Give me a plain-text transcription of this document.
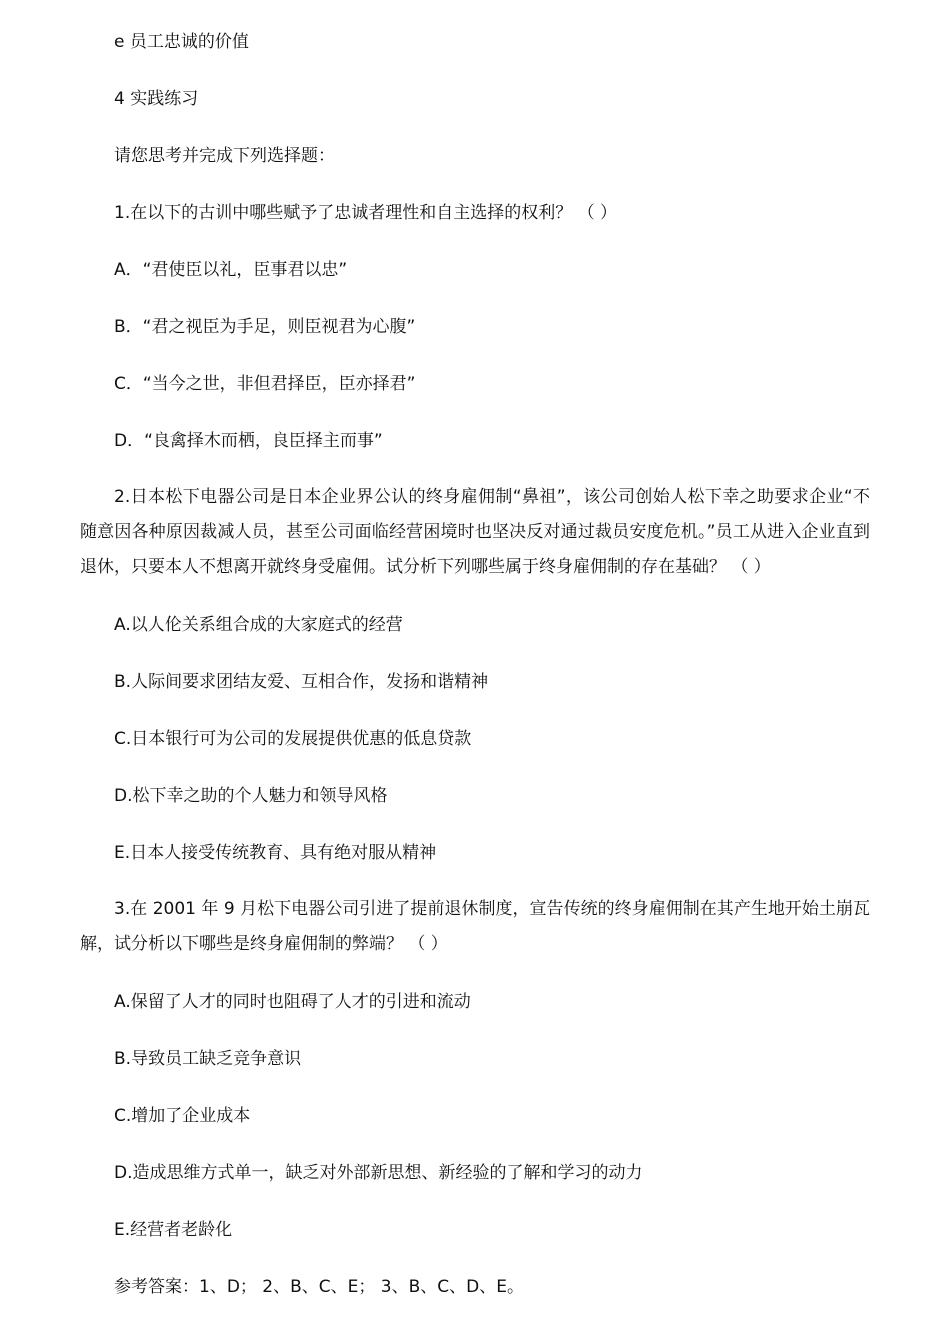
e 员工忠诚的价值
4 实践练习
请您思考并完成下列选择题：
1.在以下的古训中哪些赋予了忠诚者理性和自主选择的权利？ （ ）
A．“君使臣以礼，臣事君以忠”
B．“君之视臣为手足，则臣视君为心腹”
C．“当今之世，非但君择臣，臣亦择君”
D．“良禽择木而栖，良臣择主而事”
2.日本松下电器公司是日本企业界公认的终身雇佣制“鼻祖”，该公司创始人松下幸之助要求企业“不随意因各种原因裁减人员，甚至公司面临经营困境时也坚决反对通过裁员安度危机。”员工从进入企业直到退休，只要本人不想离开就终身受雇佣。试分析下列哪些属于终身雇佣制的存在基础？ （ ）
A.以人伦关系组合成的大家庭式的经营
B.人际间要求团结友爱、互相合作，发扬和谐精神
C.日本银行可为公司的发展提供优惠的低息贷款
D.松下幸之助的个人魅力和领导风格
E.日本人接受传统教育、具有绝对服从精神
3.在 2001 年 9 月松下电器公司引进了提前退休制度，宣告传统的终身雇佣制在其产生地开始土崩瓦解，试分析以下哪些是终身雇佣制的弊端？ （ ）
A.保留了人才的同时也阻碍了人才的引进和流动
B.导致员工缺乏竞争意识
C.增加了企业成本
D.造成思维方式单一，缺乏对外部新思想、新经验的了解和学习的动力
E.经营者老龄化
参考答案：1、D； 2、B、C、E； 3、B、C、D、E。
